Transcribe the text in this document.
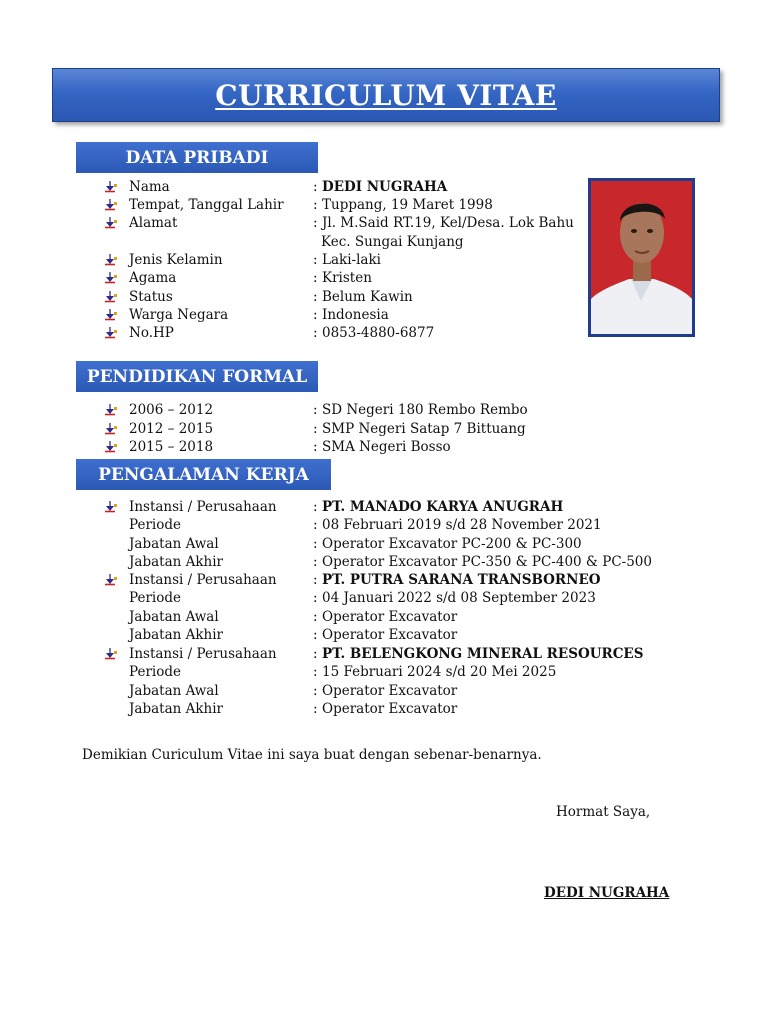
CURRICULUM VITAE
DATA PRIBADI
Nama	: DEDI NUGRAHA
Tempat, Tanggal Lahir : Tuppang, 19 Maret 1998
Alamat	: Jl. M.Said RT.19, Kel/Desa. Lok Bahu
Kec. Sungai Kunjang
Jenis Kelamin	: Laki-laki
Agama	: Kristen
Status	: Belum Kawin
Warga Negara	: Indonesia
No.HP	: 0853-4880-6877
PENDIDIKAN FORMAL
2006 – 2012	: SD Negeri 180 Rembo Rembo
2012 – 2015	: SMP Negeri Satap 7 Bittuang
2015 – 2018	: SMA Negeri Bosso
PENGALAMAN KERJA
Instansi / Perusahaan	: PT. MANADO KARYA ANUGRAH
Periode	: 08 Februari 2019 s/d 28 November 2021
Jabatan Awal	: Operator Excavator PC-200 & PC-300
Jabatan Akhir	: Operator Excavator PC-350 & PC-400 & PC-500
Instansi / Perusahaan	: PT. PUTRA SARANA TRANSBORNEO
Periode	: 04 Januari 2022 s/d 08 September 2023
Jabatan Awal	: Operator Excavator
Jabatan Akhir	: Operator Excavator
Instansi / Perusahaan	: PT. BELENGKONG MINERAL RESOURCES
Periode	: 15 Februari 2024 s/d 20 Mei 2025
Jabatan Awal	: Operator Excavator
Jabatan Akhir	: Operator Excavator
Demikian Curiculum Vitae ini saya buat dengan sebenar-benarnya.
Hormat Saya,
DEDI NUGRAHA
